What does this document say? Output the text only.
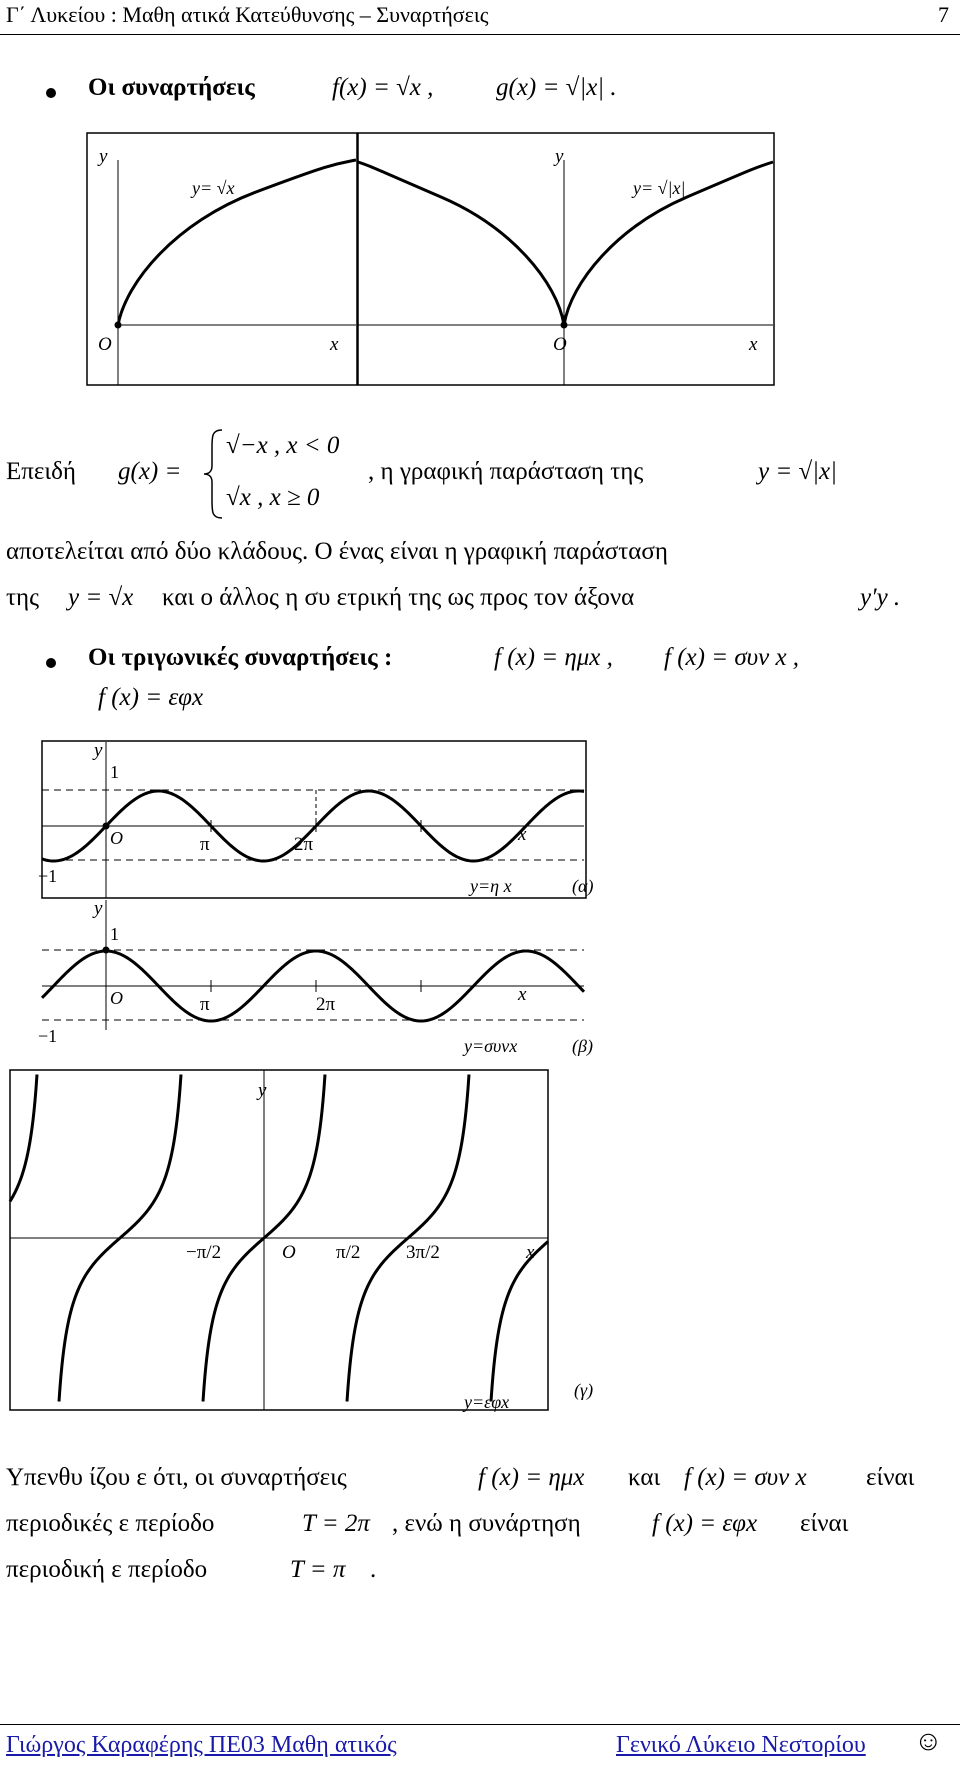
Γ΄ Λυκείου : Μαθη ατικά Κατεύθυνσης – Συναρτήσεις	7
Οι συναρτήσεις	f(x) = √x ,	g(x) = √|x| .
y
O	x
y= √x
y
O	x
y= √|x|
Επειδή g(x) =
√−x , x < 0
√x , x ≥ 0
, η γραφική παράσταση της	y = √|x|
αποτελείται από δύο κλάδους. Ο ένας είναι η γραφική παράσταση
της y = √x και ο άλλος η συ ετρική της ως προς τον άξονα	y′y .
Οι τριγωνικές συναρτήσεις :	f (x) = ημx , f (x) = συν x ,
f (x) = εφx
y
1
O	π	2π	x
−1	y=η x	(α)
y
1
O	π	2π	x
−1	y=συνx	(β)
y
−π/2	O π/2 3π/2	x
y=εφx
(γ)
Υπενθυ ίζου ε ότι, οι συναρτήσεις	f (x) = ημx και f (x) = συν x είναι
περιοδικές ε περίοδο	T = 2π , ενώ η συνάρτηση	f (x) = εφx είναι
περιοδική ε περίοδο	T = π .
Γιώργος Καραφέρης ΠΕ03 Μαθη ατικός	Γενικό Λύκειο Νεστορίου ☺
